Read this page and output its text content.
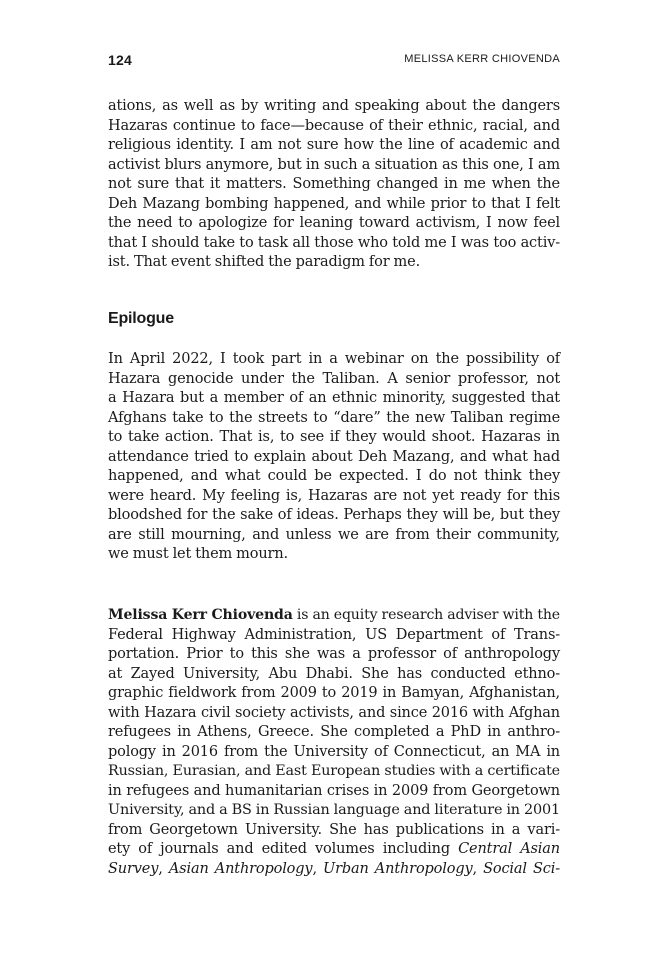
124	MELISSA KERR CHIOVENDA
ations, as well as by writing and speaking about the dangers
Hazaras continue to face—because of their ethnic, racial, and
religious identity. I am not sure how the line of academic and
activist blurs anymore, but in such a situation as this one, I am
not sure that it matters. Something changed in me when the
Deh Mazang bombing happened, and while prior to that I felt
the need to apologize for leaning toward activism, I now feel
that I should take to task all those who told me I was too activ-
ist. That event shifted the paradigm for me.
Epilogue
In April 2022, I took part in a webinar on the possibility of
Hazara genocide under the Taliban. A senior professor, not
a Hazara but a member of an ethnic minority, suggested that
Afghans take to the streets to “dare” the new Taliban regime
to take action. That is, to see if they would shoot. Hazaras in
attendance tried to explain about Deh Mazang, and what had
happened, and what could be expected. I do not think they
were heard. My feeling is, Hazaras are not yet ready for this
bloodshed for the sake of ideas. Perhaps they will be, but they
are still mourning, and unless we are from their community,
we must let them mourn.
Melissa Kerr Chiovenda is an equity research adviser with the
Federal Highway Administration, US Department of Trans-
portation. Prior to this she was a professor of anthropology
at Zayed University, Abu Dhabi. She has conducted ethno-
graphic fieldwork from 2009 to 2019 in Bamyan, Afghanistan,
with Hazara civil society activists, and since 2016 with Afghan
refugees in Athens, Greece. She completed a PhD in anthro-
pology in 2016 from the University of Connecticut, an MA in
Russian, Eurasian, and East European studies with a certificate
in refugees and humanitarian crises in 2009 from Georgetown
University, and a BS in Russian language and literature in 2001
from Georgetown University. She has publications in a vari-
ety of journals and edited volumes including Central Asian
Survey, Asian Anthropology, Urban Anthropology, Social Sci-
